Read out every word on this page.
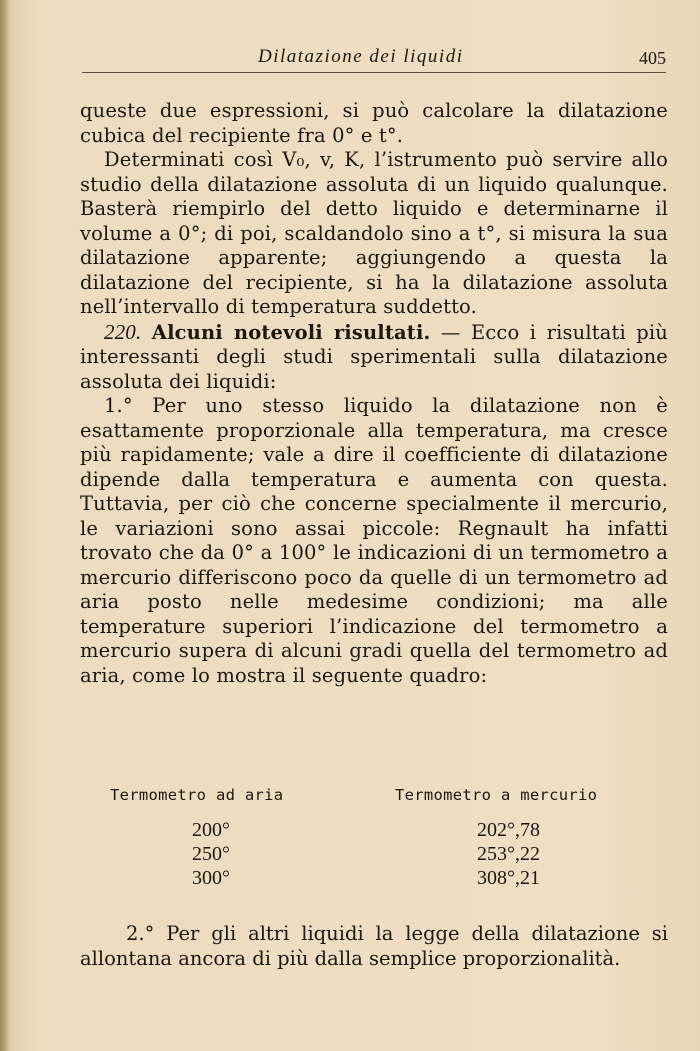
Dilatazione dei liquidi	405

queste due espressioni, si può calcolare la dilatazione cubica del recipiente fra 0° e t°.

Determinati così V₀, v, K, l’istrumento può servire allo studio della dilatazione assoluta di un liquido qualunque. Basterà riempirlo del detto liquido e determinarne il volume a 0°; di poi, scaldandolo sino a t°, si misura la sua dilatazione apparente; aggiungendo a questa la dilatazione del recipiente, si ha la dilatazione assoluta nell’intervallo di temperatura suddetto.

220. Alcuni notevoli risultati. — Ecco i risultati più interessanti degli studi sperimentali sulla dilatazione assoluta dei liquidi:

1.° Per uno stesso liquido la dilatazione non è esattamente proporzionale alla temperatura, ma cresce più rapidamente; vale a dire il coefficiente di dilatazione dipende dalla temperatura e aumenta con questa. Tuttavia, per ciò che concerne specialmente il mercurio, le variazioni sono assai piccole: Regnault ha infatti trovato che da 0° a 100° le indicazioni di un termometro a mercurio differiscono poco da quelle di un termometro ad aria posto nelle medesime condizioni; ma alle temperature superiori l’indicazione del termometro a mercurio supera di alcuni gradi quella del termometro ad aria, come lo mostra il seguente quadro:

Termometro ad aria
200°
250°
300°
Termometro a mercurio
202°,78
253°,22
308°,21

2.° Per gli altri liquidi la legge della dilatazione si allontana ancora di più dalla semplice proporzionalità.
